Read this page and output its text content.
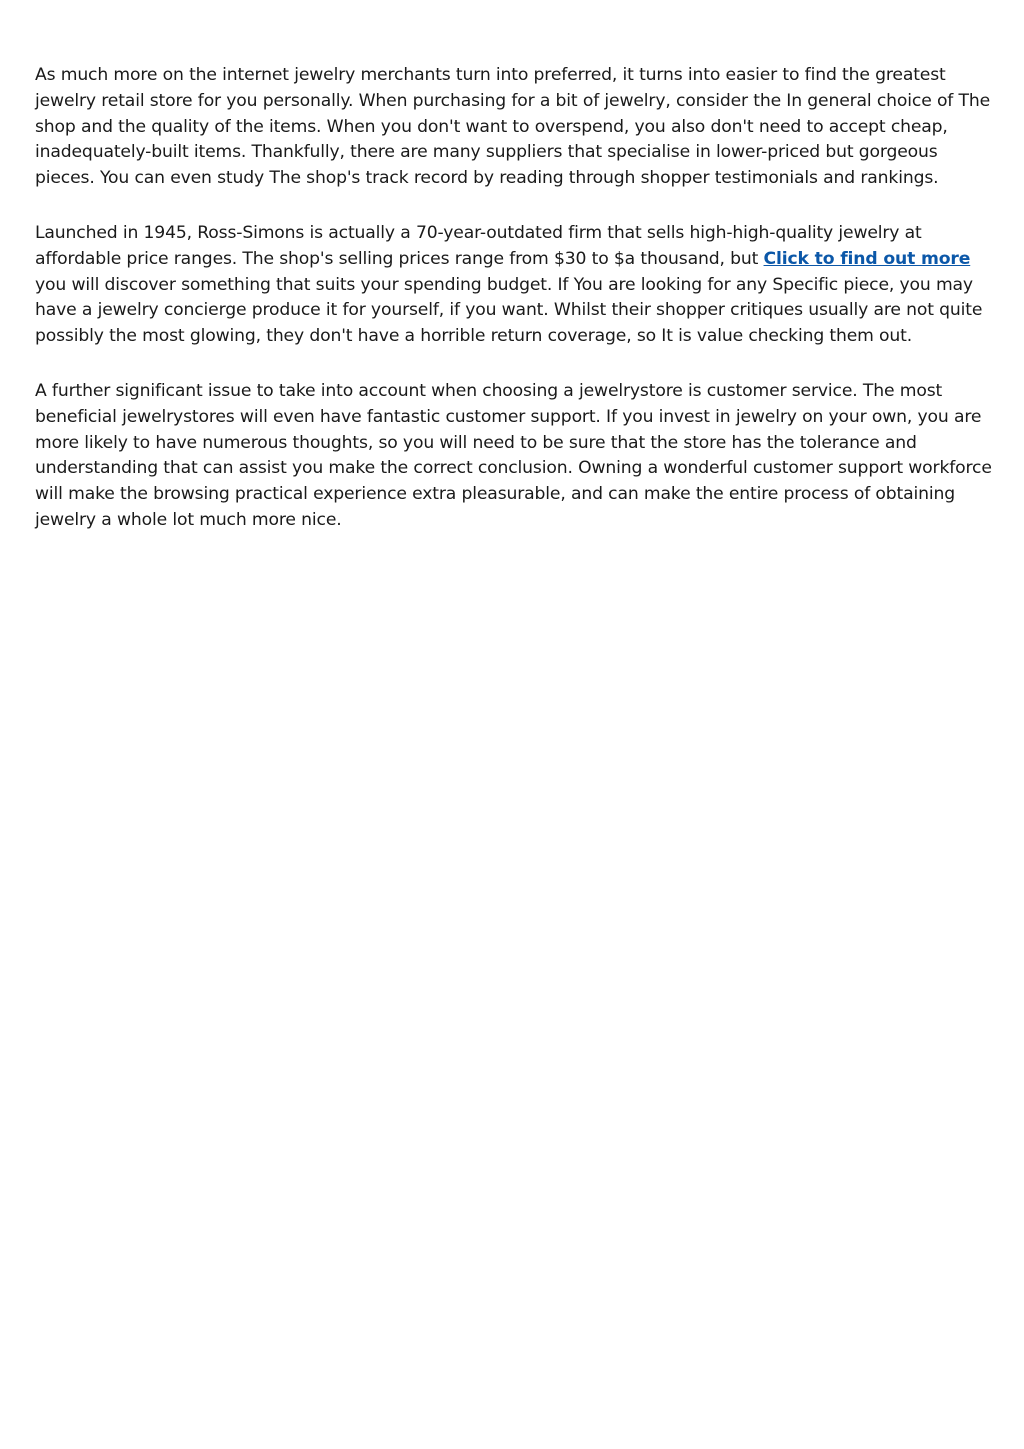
As much more on the internet jewelry merchants turn into preferred, it turns into easier to find the greatest jewelry retail store for you personally. When purchasing for a bit of jewelry, consider the In general choice of The shop and the quality of the items. When you don't want to overspend, you also don't need to accept cheap, inadequately-built items. Thankfully, there are many suppliers that specialise in lower-priced but gorgeous pieces. You can even study The shop's track record by reading through shopper testimonials and rankings.

Launched in 1945, Ross-Simons is actually a 70-year-outdated firm that sells high-high-quality jewelry at affordable price ranges. The shop's selling prices range from $30 to $a thousand, but Click to find out more you will discover something that suits your spending budget. If You are looking for any Specific piece, you may have a jewelry concierge produce it for yourself, if you want. Whilst their shopper critiques usually are not quite possibly the most glowing, they don't have a horrible return coverage, so It is value checking them out.

A further significant issue to take into account when choosing a jewelrystore is customer service. The most beneficial jewelrystores will even have fantastic customer support. If you invest in jewelry on your own, you are more likely to have numerous thoughts, so you will need to be sure that the store has the tolerance and understanding that can assist you make the correct conclusion. Owning a wonderful customer support workforce will make the browsing practical experience extra pleasurable, and can make the entire process of obtaining jewelry a whole lot much more nice.
